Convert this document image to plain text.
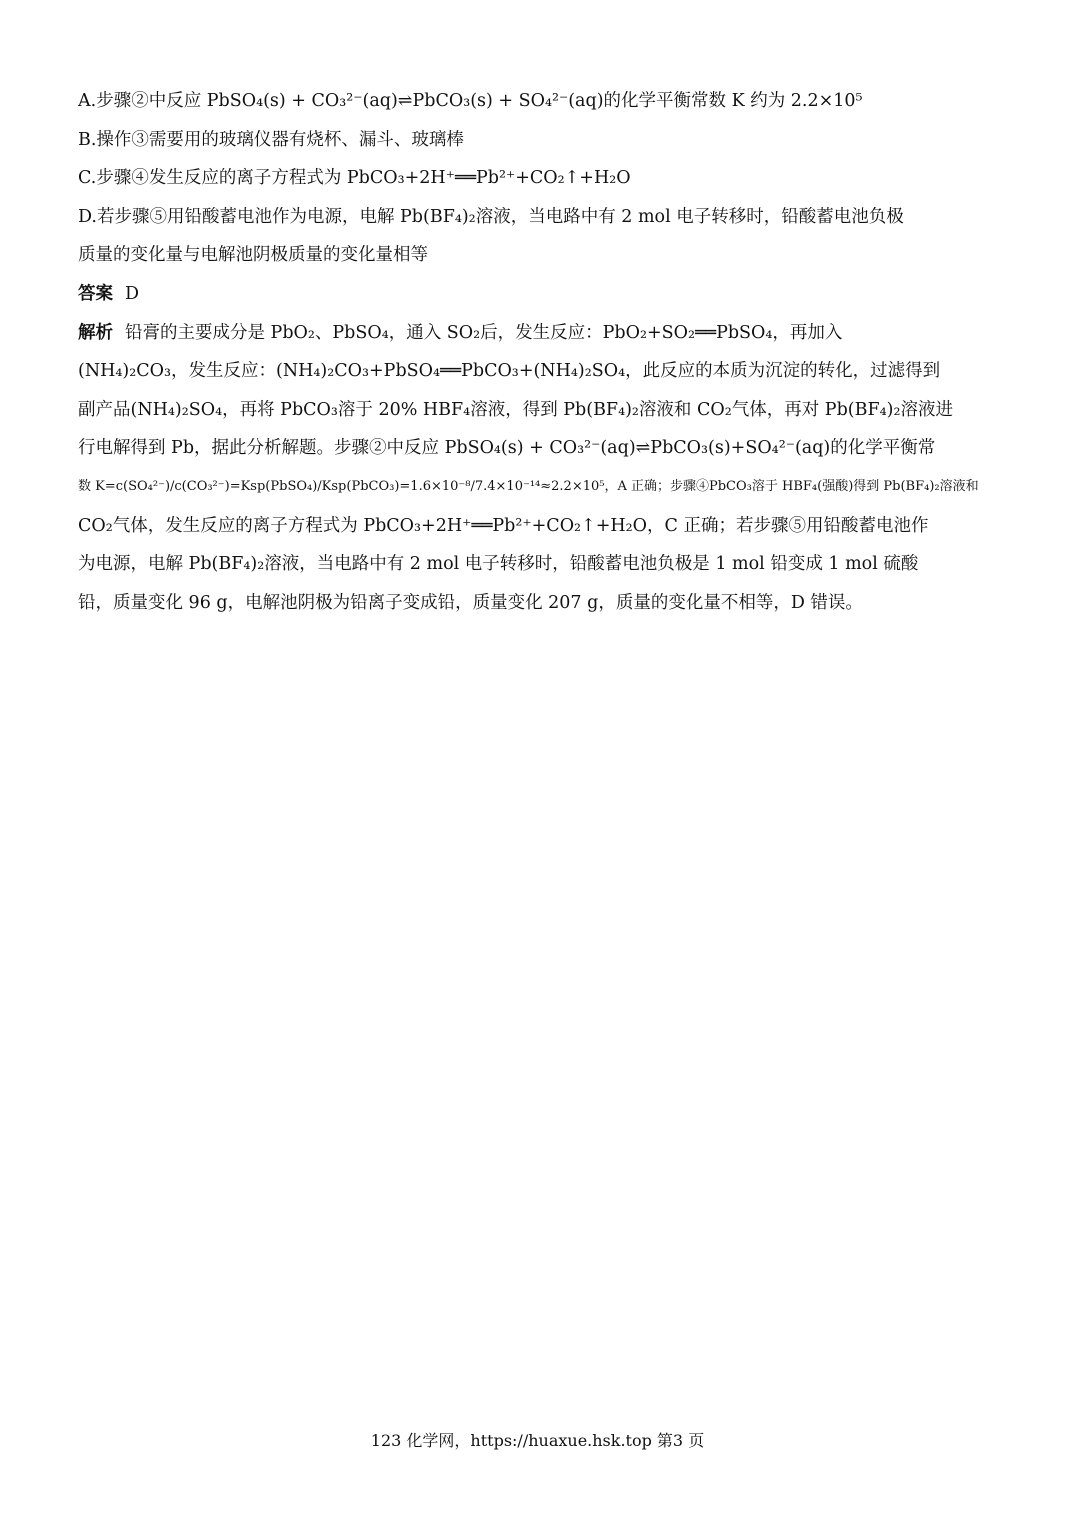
A.步骤②中反应 PbSO₄(s) + CO₃²⁻(aq)⇌PbCO₃(s) + SO₄²⁻(aq)的化学平衡常数 K 约为 2.2×10⁵
B.操作③需要用的玻璃仪器有烧杯、漏斗、玻璃棒
C.步骤④发生反应的离子方程式为 PbCO₃+2H⁺══Pb²⁺+CO₂↑+H₂O
D.若步骤⑤用铅酸蓄电池作为电源，电解 Pb(BF₄)₂溶液，当电路中有 2 mol 电子转移时，铅酸蓄电池负极
质量的变化量与电解池阴极质量的变化量相等
答案 D
解析 铅膏的主要成分是 PbO₂、PbSO₄，通入 SO₂后，发生反应：PbO₂+SO₂══PbSO₄，再加入
(NH₄)₂CO₃，发生反应：(NH₄)₂CO₃+PbSO₄══PbCO₃+(NH₄)₂SO₄，此反应的本质为沉淀的转化，过滤得到
副产品(NH₄)₂SO₄，再将 PbCO₃溶于 20% HBF₄溶液，得到 Pb(BF₄)₂溶液和 CO₂气体，再对 Pb(BF₄)₂溶液进
行电解得到 Pb，据此分析解题。步骤②中反应 PbSO₄(s) + CO₃²⁻(aq)⇌PbCO₃(s)+SO₄²⁻(aq)的化学平衡常
数 K=c(SO₄²⁻)/c(CO₃²⁻)=Ksp(PbSO₄)/Ksp(PbCO₃)=1.6×10⁻⁸/7.4×10⁻¹⁴≈2.2×10⁵，A 正确；步骤④PbCO₃溶于 HBF₄(强酸)得到 Pb(BF₄)₂溶液和
CO₂气体，发生反应的离子方程式为 PbCO₃+2H⁺══Pb²⁺+CO₂↑+H₂O，C 正确；若步骤⑤用铅酸蓄电池作
为电源，电解 Pb(BF₄)₂溶液，当电路中有 2 mol 电子转移时，铅酸蓄电池负极是 1 mol 铅变成 1 mol 硫酸
铅，质量变化 96 g，电解池阴极为铅离子变成铅，质量变化 207 g，质量的变化量不相等，D 错误。
123 化学网，https://huaxue.hsk.top 第3 页
